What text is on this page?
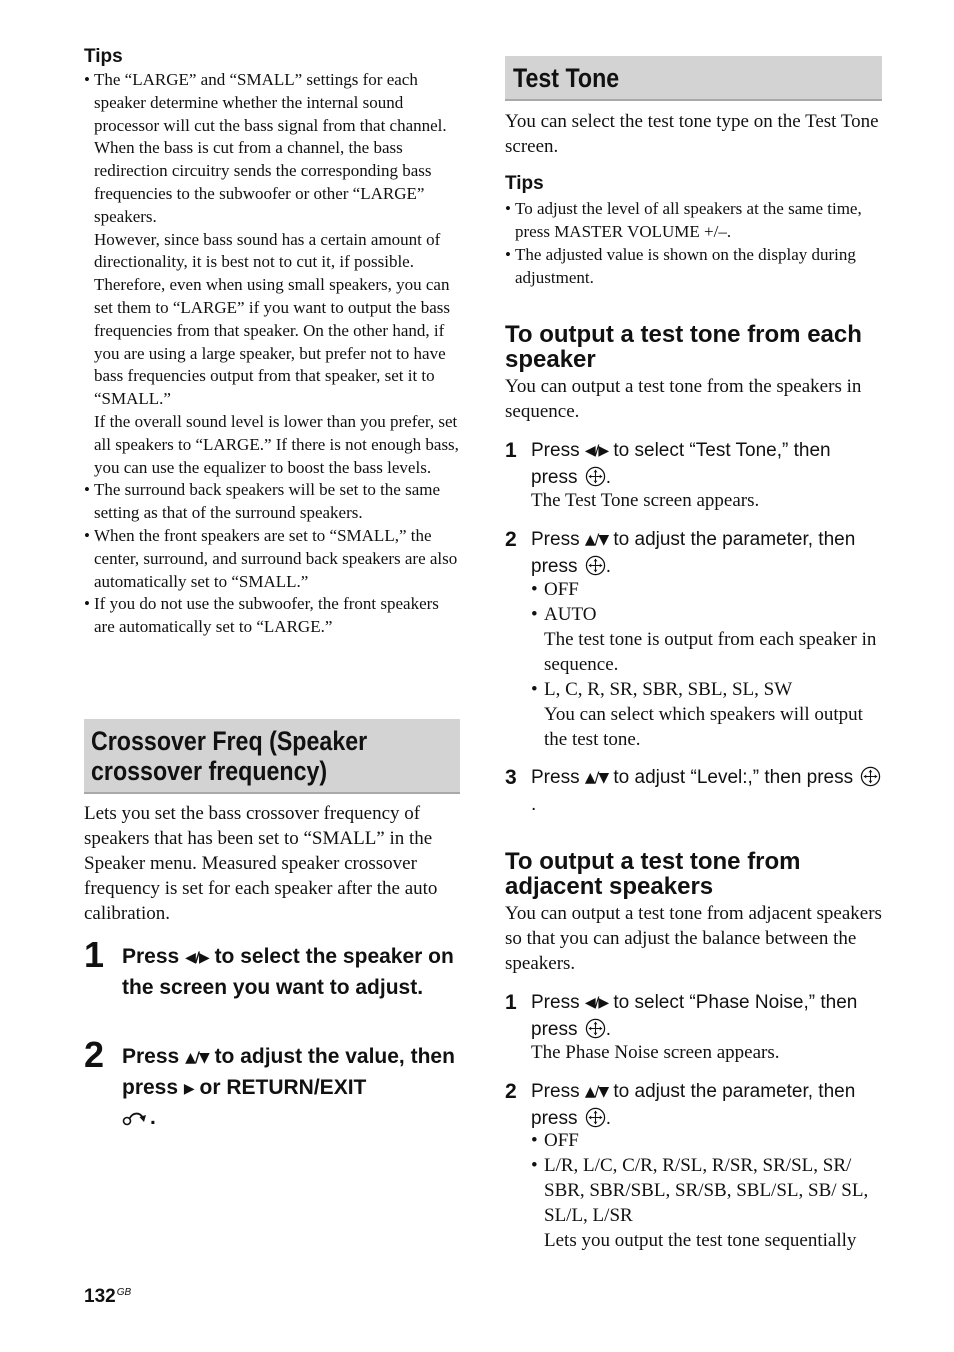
Tips
• The “LARGE” and “SMALL” settings for each speaker determine whether the internal sound processor will cut the bass signal from that channel.
When the bass is cut from a channel, the bass redirection circuitry sends the corresponding bass frequencies to the subwoofer or other “LARGE” speakers.
However, since bass sound has a certain amount of directionality, it is best not to cut it, if possible. Therefore, even when using small speakers, you can set them to “LARGE” if you want to output the bass frequencies from that speaker. On the other hand, if you are using a large speaker, but prefer not to have bass frequencies output from that speaker, set it to “SMALL.”
If the overall sound level is lower than you prefer, set all speakers to “LARGE.” If there is not enough bass, you can use the equalizer to boost the bass levels.
• The surround back speakers will be set to the same setting as that of the surround speakers.
• When the front speakers are set to “SMALL,” the center, surround, and surround back speakers are also automatically set to “SMALL.”
• If you do not use the subwoofer, the front speakers are automatically set to “LARGE.”
Crossover Freq (Speaker
crossover frequency)

Lets you set the bass crossover frequency of speakers that has been set to “SMALL” in the Speaker menu. Measured speaker crossover frequency is set for each speaker after the auto calibration.

1 Press ◀/▶ to select the speaker on the screen you want to adjust.
2 Press ▲/▼ to adjust the value, then press ▶ or RETURN/EXIT
.
Test Tone

You can select the test tone type on the Test Tone screen.

Tips
• To adjust the level of all speakers at the same time, press MASTER VOLUME +/–.
• The adjusted value is shown on the display during adjustment.
To output a test tone from each speaker

You can output a test tone from the speakers in sequence.

1 Press ◀/▶ to select “Test Tone,” then press .
The Test Tone screen appears.
2 Press ▲/▼ to adjust the parameter, then press .
• OFF
• AUTO
The test tone is output from each speaker in sequence.
• L, C, R, SR, SBR, SBL, SL, SW
You can select which speakers will output the test tone.
3 Press ▲/▼ to adjust “Level:,” then press .
To output a test tone from adjacent speakers

You can output a test tone from adjacent speakers so that you can adjust the balance between the speakers.

1 Press ◀/▶ to select “Phase Noise,” then press .
The Phase Noise screen appears.
2 Press ▲/▼ to adjust the parameter, then press .
• OFF
• L/R, L/C, C/R, R/SL, R/SR, SR/SL, SR/ SBR, SBR/SBL, SR/SB, SBL/SL, SB/ SL, SL/L, L/SR
Lets you output the test tone sequentially
$132^{GB}$
